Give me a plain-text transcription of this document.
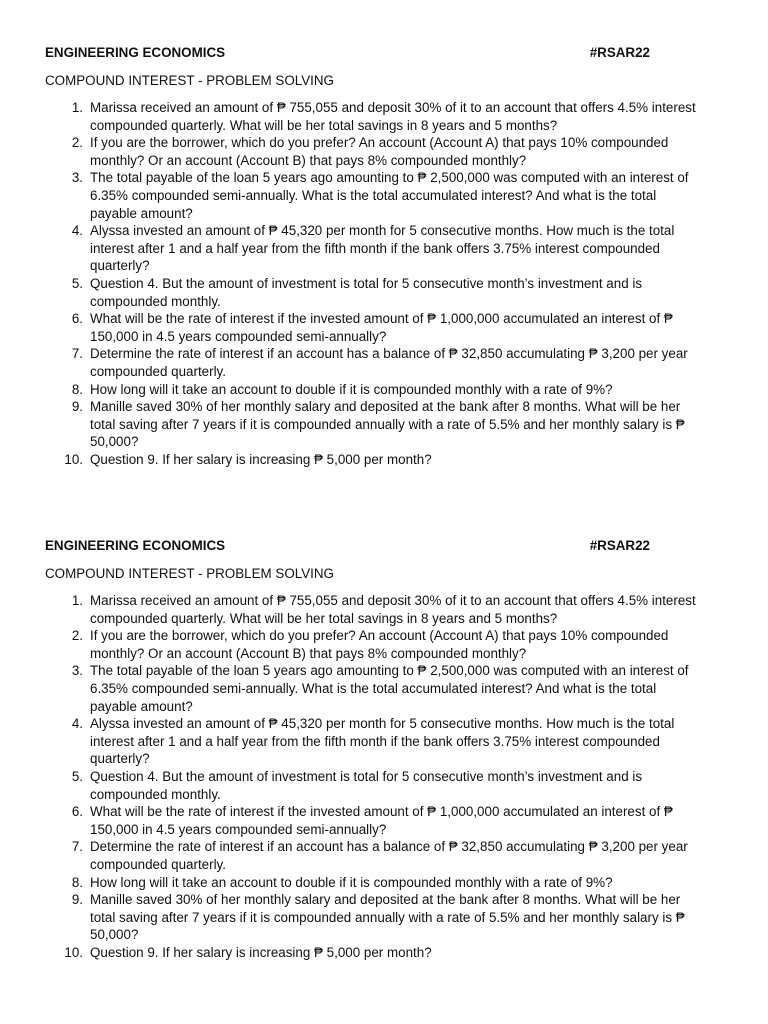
ENGINEERING ECONOMICS	#RSAR22
COMPOUND INTEREST - PROBLEM SOLVING
1. Marissa received an amount of ₱ 755,055 and deposit 30% of it to an account that offers 4.5% interest compounded quarterly. What will be her total savings in 8 years and 5 months?
2. If you are the borrower, which do you prefer? An account (Account A) that pays 10% compounded monthly? Or an account (Account B) that pays 8% compounded monthly?
3. The total payable of the loan 5 years ago amounting to ₱ 2,500,000 was computed with an interest of 6.35% compounded semi-annually. What is the total accumulated interest? And what is the total payable amount?
4. Alyssa invested an amount of ₱ 45,320 per month for 5 consecutive months. How much is the total interest after 1 and a half year from the fifth month if the bank offers 3.75% interest compounded quarterly?
5. Question 4. But the amount of investment is total for 5 consecutive month’s investment and is compounded monthly.
6. What will be the rate of interest if the invested amount of ₱ 1,000,000 accumulated an interest of ₱ 150,000 in 4.5 years compounded semi-annually?
7. Determine the rate of interest if an account has a balance of ₱ 32,850 accumulating ₱ 3,200 per year compounded quarterly.
8. How long will it take an account to double if it is compounded monthly with a rate of 9%?
9. Manille saved 30% of her monthly salary and deposited at the bank after 8 months. What will be her total saving after 7 years if it is compounded annually with a rate of 5.5% and her monthly salary is ₱ 50,000?
10. Question 9. If her salary is increasing ₱ 5,000 per month?
ENGINEERING ECONOMICS	#RSAR22
COMPOUND INTEREST - PROBLEM SOLVING
1. Marissa received an amount of ₱ 755,055 and deposit 30% of it to an account that offers 4.5% interest compounded quarterly. What will be her total savings in 8 years and 5 months?
2. If you are the borrower, which do you prefer? An account (Account A) that pays 10% compounded monthly? Or an account (Account B) that pays 8% compounded monthly?
3. The total payable of the loan 5 years ago amounting to ₱ 2,500,000 was computed with an interest of 6.35% compounded semi-annually. What is the total accumulated interest? And what is the total payable amount?
4. Alyssa invested an amount of ₱ 45,320 per month for 5 consecutive months. How much is the total interest after 1 and a half year from the fifth month if the bank offers 3.75% interest compounded quarterly?
5. Question 4. But the amount of investment is total for 5 consecutive month’s investment and is compounded monthly.
6. What will be the rate of interest if the invested amount of ₱ 1,000,000 accumulated an interest of ₱ 150,000 in 4.5 years compounded semi-annually?
7. Determine the rate of interest if an account has a balance of ₱ 32,850 accumulating ₱ 3,200 per year compounded quarterly.
8. How long will it take an account to double if it is compounded monthly with a rate of 9%?
9. Manille saved 30% of her monthly salary and deposited at the bank after 8 months. What will be her total saving after 7 years if it is compounded annually with a rate of 5.5% and her monthly salary is ₱ 50,000?
10. Question 9. If her salary is increasing ₱ 5,000 per month?
